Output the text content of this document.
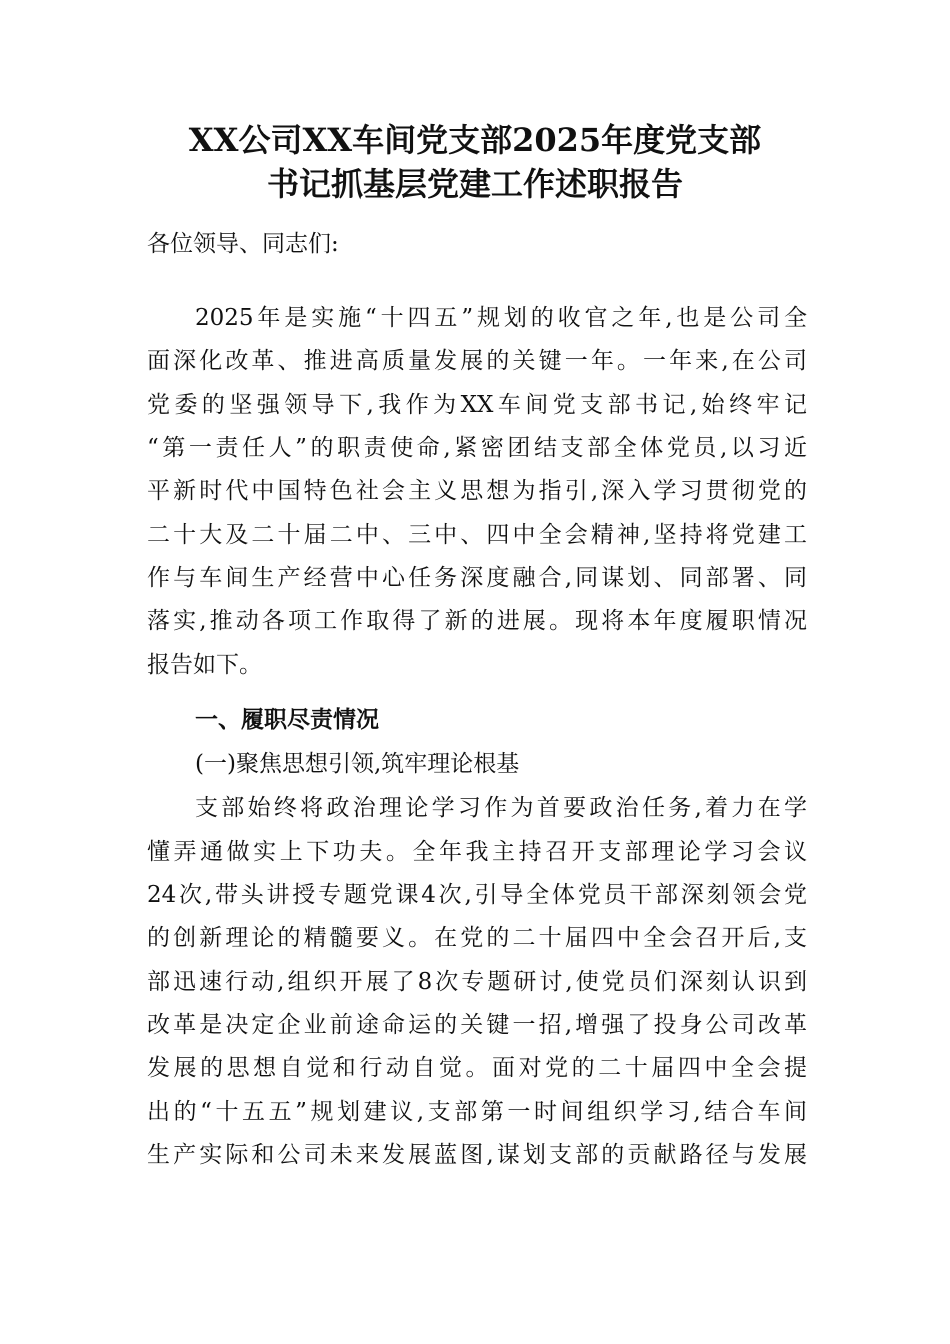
XX公司XX车间党支部2025年度党支部
书记抓基层党建工作述职报告
各位领导、同志们:
2025年是实施“十四五”规划的收官之年,也是公司全
面深化改革、推进高质量发展的关键一年。一年来,在公司
党委的坚强领导下,我作为XX车间党支部书记,始终牢记
“第一责任人”的职责使命,紧密团结支部全体党员,以习近
平新时代中国特色社会主义思想为指引,深入学习贯彻党的
二十大及二十届二中、三中、四中全会精神,坚持将党建工
作与车间生产经营中心任务深度融合,同谋划、同部署、同
落实,推动各项工作取得了新的进展。现将本年度履职情况
报告如下。
一、履职尽责情况
(一)聚焦思想引领,筑牢理论根基
支部始终将政治理论学习作为首要政治任务,着力在学
懂弄通做实上下功夫。全年我主持召开支部理论学习会议
24次,带头讲授专题党课4次,引导全体党员干部深刻领会党
的创新理论的精髓要义。在党的二十届四中全会召开后,支
部迅速行动,组织开展了8次专题研讨,使党员们深刻认识到
改革是决定企业前途命运的关键一招,增强了投身公司改革
发展的思想自觉和行动自觉。面对党的二十届四中全会提
出的“十五五”规划建议,支部第一时间组织学习,结合车间
生产实际和公司未来发展蓝图,谋划支部的贡献路径与发展
